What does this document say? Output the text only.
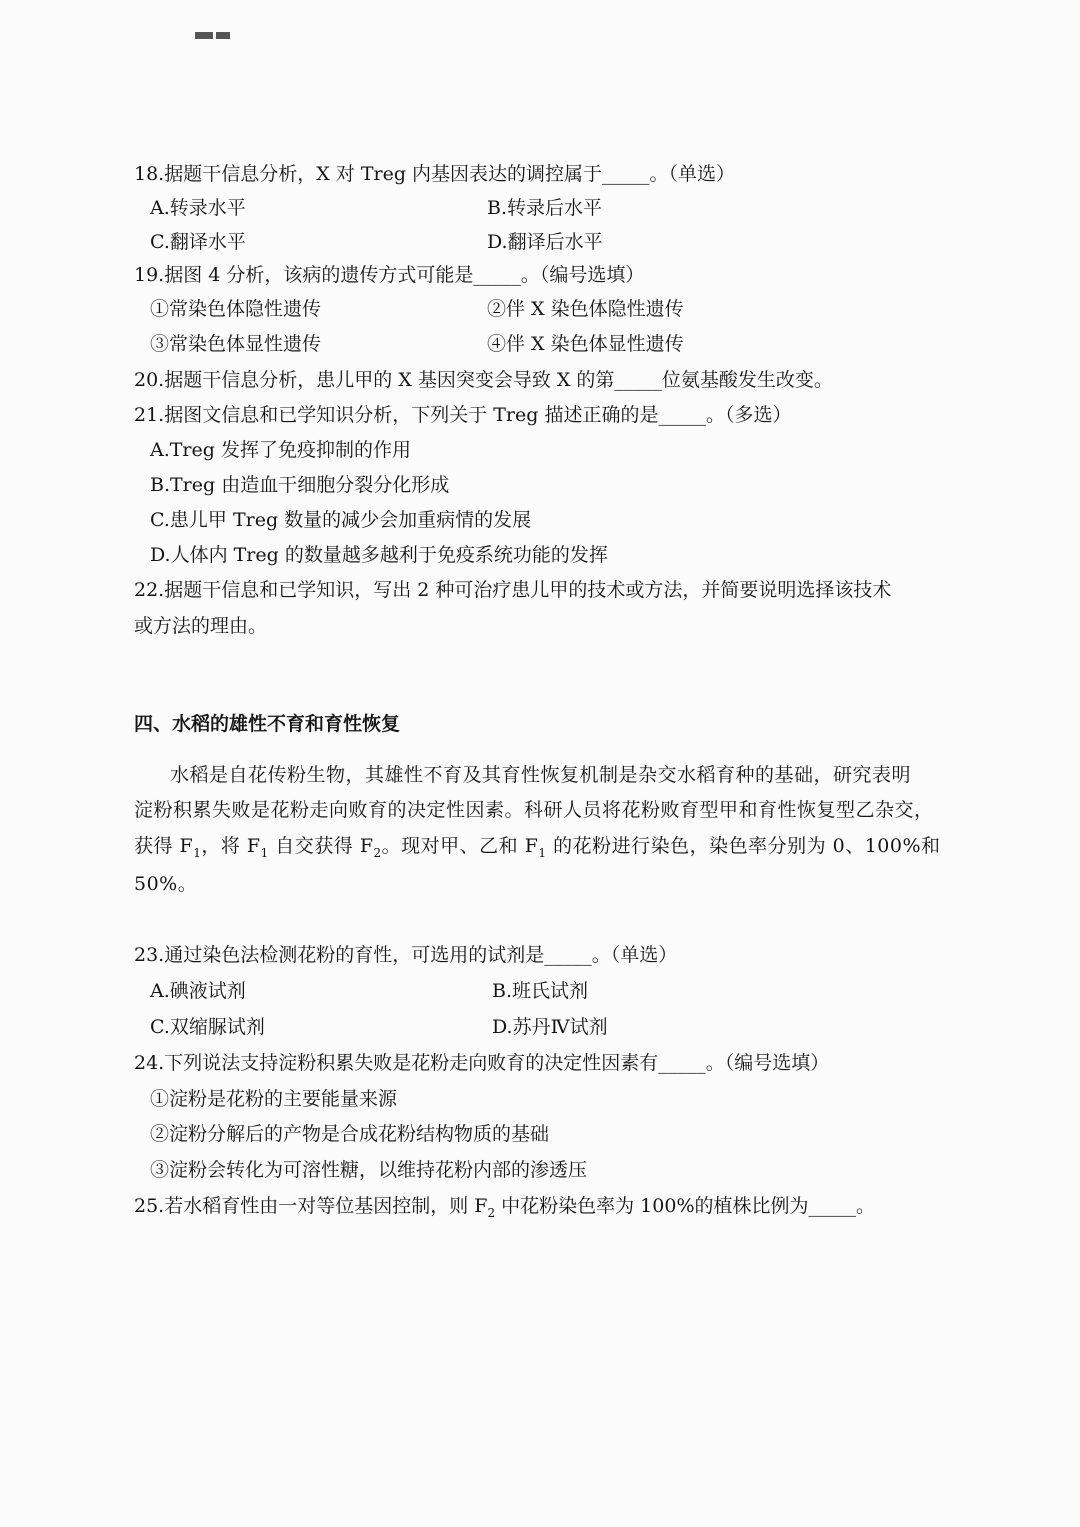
18.据题干信息分析，X 对 Treg 内基因表达的调控属于_____。（单选）
A.转录水平	B.转录后水平
C.翻译水平	D.翻译后水平
19.据图 4 分析，该病的遗传方式可能是_____。（编号选填）
①常染色体隐性遗传	②伴 X 染色体隐性遗传
③常染色体显性遗传	④伴 X 染色体显性遗传
20.据题干信息分析，患儿甲的 X 基因突变会导致 X 的第_____位氨基酸发生改变。
21.据图文信息和已学知识分析，下列关于 Treg 描述正确的是_____。（多选）
A.Treg 发挥了免疫抑制的作用
B.Treg 由造血干细胞分裂分化形成
C.患儿甲 Treg 数量的减少会加重病情的发展
D.人体内 Treg 的数量越多越利于免疫系统功能的发挥
22.据题干信息和已学知识，写出 2 种可治疗患儿甲的技术或方法，并简要说明选择该技术
或方法的理由。
四、水稻的雄性不育和育性恢复
水稻是自花传粉生物，其雄性不育及其育性恢复机制是杂交水稻育种的基础，研究表明
淀粉积累失败是花粉走向败育的决定性因素。科研人员将花粉败育型甲和育性恢复型乙杂交，
获得 $F_1$，将 $F_1$ 自交获得 $F_2$。现对甲、乙和 $F_1$ 的花粉进行染色，染色率分别为 0、100%和
50%。
23.通过染色法检测花粉的育性，可选用的试剂是_____。（单选）
A.碘液试剂	B.班氏试剂
C.双缩脲试剂	D.苏丹Ⅳ试剂
24.下列说法支持淀粉积累失败是花粉走向败育的决定性因素有_____。（编号选填）
①淀粉是花粉的主要能量来源
②淀粉分解后的产物是合成花粉结构物质的基础
③淀粉会转化为可溶性糖，以维持花粉内部的渗透压
25.若水稻育性由一对等位基因控制，则 $F_2$ 中花粉染色率为 100%的植株比例为_____。
